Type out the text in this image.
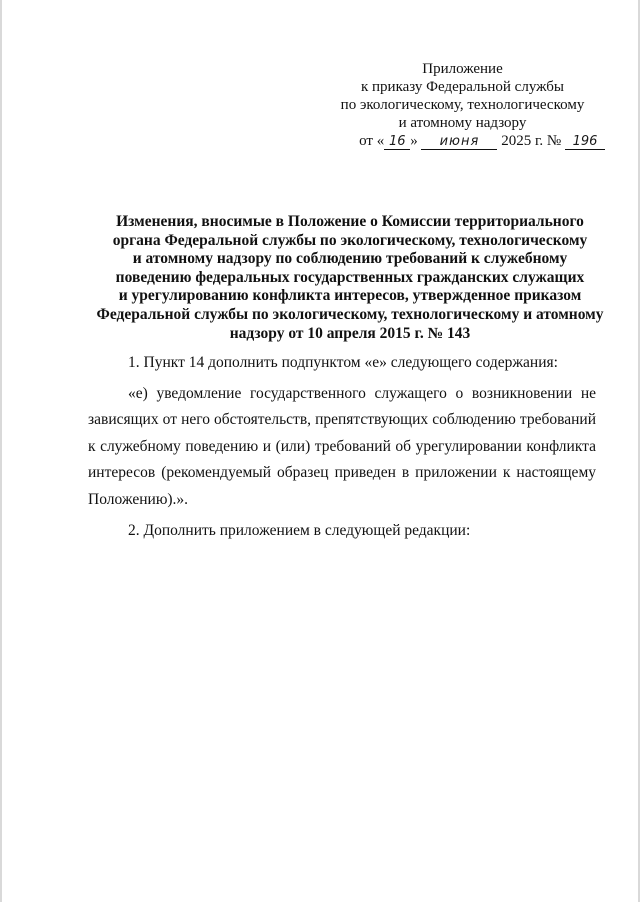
Приложение
к приказу Федеральной службы
по экологическому, технологическому
и атомному надзору
от « 16 » июня 2025 г. № 196
Изменения, вносимые в Положение о Комиссии территориального
органа Федеральной службы по экологическому, технологическому
и атомному надзору по соблюдению требований к служебному
поведению федеральных государственных гражданских служащих
и урегулированию конфликта интересов, утвержденное приказом
Федеральной службы по экологическому, технологическому и атомному
надзору от 10 апреля 2015 г. № 143

1. Пункт 14 дополнить подпунктом «е» следующего содержания:

«е) уведомление государственного служащего о возникновении не зависящих от него обстоятельств, препятствующих соблюдению требований к служебному поведению и (или) требований об урегулировании конфликта интересов (рекомендуемый образец приведен в приложении к настоящему Положению).».

2. Дополнить приложением в следующей редакции:
